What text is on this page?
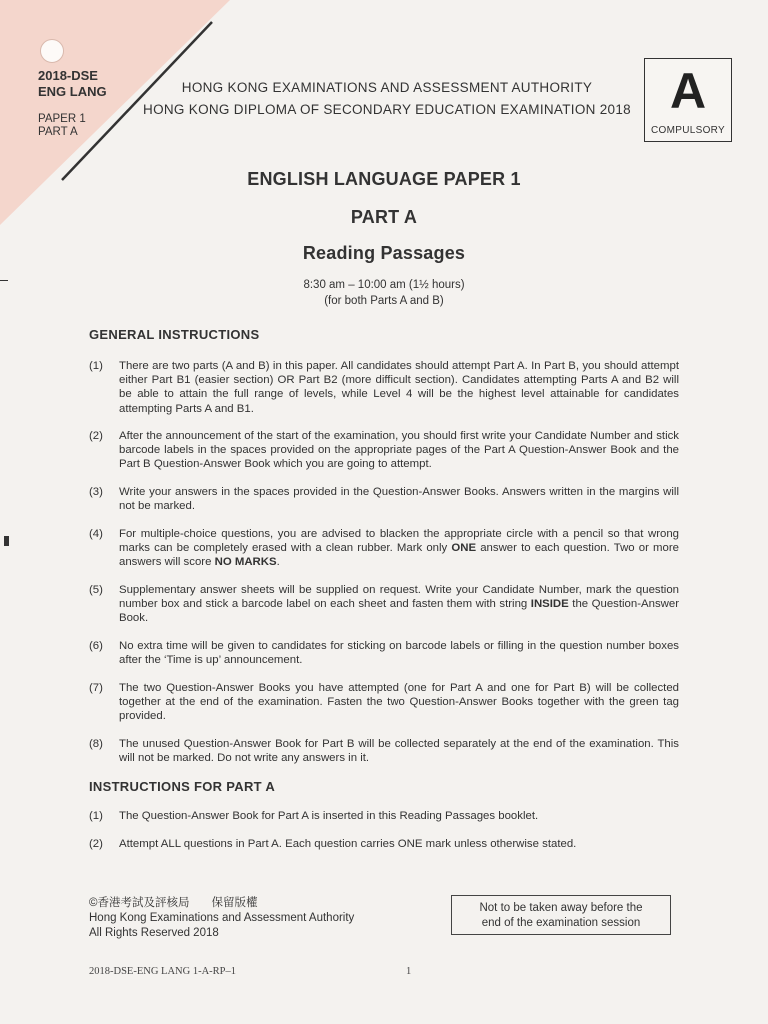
2018-DSE
ENG LANG
PAPER 1
PART A
HONG KONG EXAMINATIONS AND ASSESSMENT AUTHORITY
HONG KONG DIPLOMA OF SECONDARY EDUCATION EXAMINATION 2018 A
COMPULSORY
ENGLISH LANGUAGE PAPER 1
PART A
Reading Passages
8:30 am – 10:00 am (1½ hours)
(for both Parts A and B)
GENERAL INSTRUCTIONS
(1) There are two parts (A and B) in this paper. All candidates should attempt Part A. In Part B, you should attempt either Part B1 (easier section) OR Part B2 (more difficult section). Candidates attempting Parts A and B2 will be able to attain the full range of levels, while Level 4 will be the highest level attainable for candidates attempting Parts A and B1.
(2) After the announcement of the start of the examination, you should first write your Candidate Number and stick barcode labels in the spaces provided on the appropriate pages of the Part A Question-Answer Book and the Part B Question-Answer Book which you are going to attempt.
(3) Write your answers in the spaces provided in the Question-Answer Books. Answers written in the margins will not be marked.
(4) For multiple-choice questions, you are advised to blacken the appropriate circle with a pencil so that wrong marks can be completely erased with a clean rubber. Mark only ONE answer to each question. Two or more answers will score NO MARKS.
(5) Supplementary answer sheets will be supplied on request. Write your Candidate Number, mark the question number box and stick a barcode label on each sheet and fasten them with string INSIDE the Question-Answer Book.
(6) No extra time will be given to candidates for sticking on barcode labels or filling in the question number boxes after the ‘Time is up’ announcement.
(7) The two Question-Answer Books you have attempted (one for Part A and one for Part B) will be collected together at the end of the examination. Fasten the two Question-Answer Books together with the green tag provided.
(8) The unused Question-Answer Book for Part B will be collected separately at the end of the examination. This will not be marked. Do not write any answers in it.
INSTRUCTIONS FOR PART A
(1) The Question-Answer Book for Part A is inserted in this Reading Passages booklet.
(2) Attempt ALL questions in Part A. Each question carries ONE mark unless otherwise stated.
©香港考試及評核局 保留版權
Hong Kong Examinations and Assessment Authority
All Rights Reserved 2018
Not to be taken away before the
end of the examination session
2018-DSE-ENG LANG 1-A-RP–1	1
